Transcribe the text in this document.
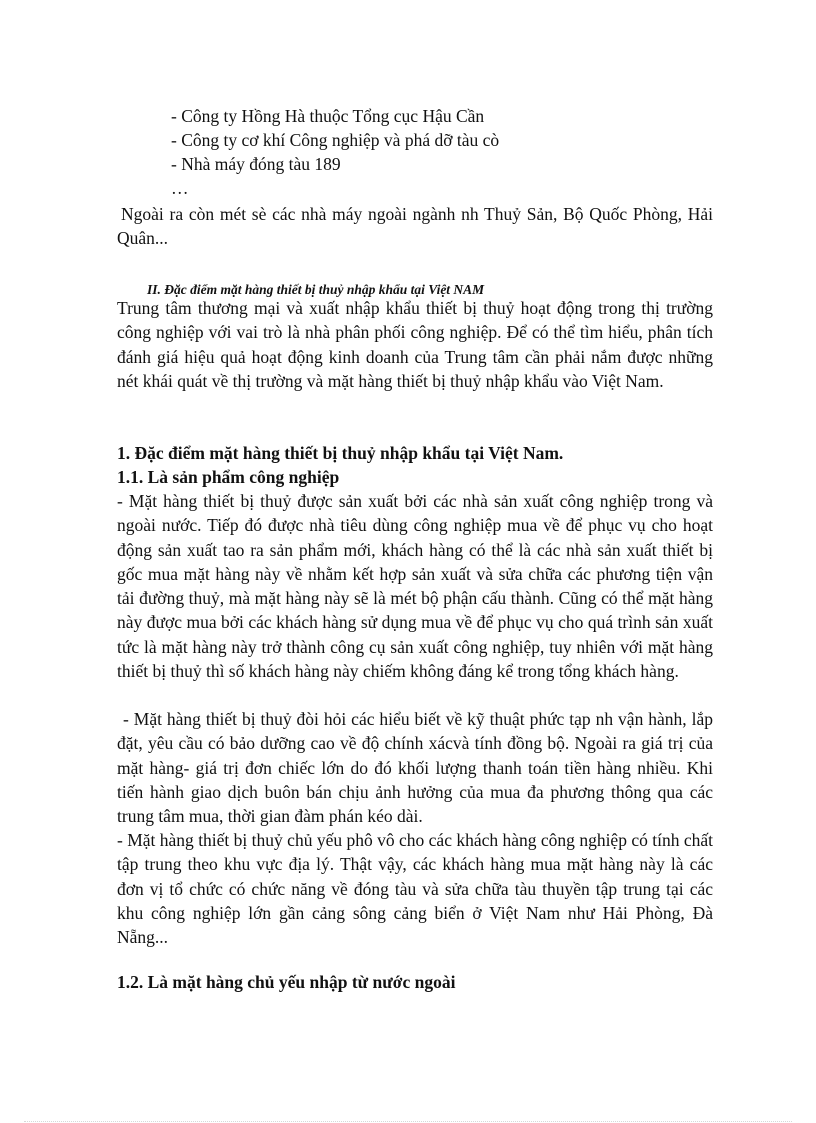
- Công ty Hồng Hà thuộc Tổng cục Hậu Cần
- Công ty cơ khí Công nghiệp và phá dỡ tàu cò
- Nhà máy đóng tàu 189
…
Ngoài ra còn mét sè các nhà máy ngoài ngành nh Thuỷ Sản, Bộ Quốc Phòng, Hải Quân...
II. Đặc điểm mặt hàng thiết bị thuỷ nhập khẩu tại Việt NAM
Trung tâm thương mại và xuất nhập khẩu thiết bị thuỷ hoạt động trong thị trường công nghiệp với vai trò là nhà phân phối công nghiệp. Để có thể tìm hiểu, phân tích đánh giá hiệu quả hoạt động kinh doanh của Trung tâm cần phải nắm được những nét khái quát về thị trường và mặt hàng thiết bị thuỷ nhập khẩu vào Việt Nam.
1. Đặc điểm mặt hàng thiết bị thuỷ nhập khẩu tại Việt Nam.
1.1. Là sản phẩm công nghiệp
- Mặt hàng thiết bị thuỷ được sản xuất bởi các nhà sản xuất công nghiệp trong và ngoài nước. Tiếp đó được nhà tiêu dùng công nghiệp mua về để phục vụ cho hoạt động sản xuất tao ra sản phẩm mới, khách hàng có thể là các nhà sản xuất thiết bị gốc mua mặt hàng này về nhằm kết hợp sản xuất và sửa chữa các phương tiện vận tải đường thuỷ, mà mặt hàng này sẽ là mét bộ phận cấu thành. Cũng có thể mặt hàng này được mua bởi các khách hàng sử dụng mua về để phục vụ cho quá trình sản xuất tức là mặt hàng này trở thành công cụ sản xuất công nghiệp, tuy nhiên với mặt hàng thiết bị thuỷ thì số khách hàng này chiếm không đáng kể trong tổng khách hàng.
- Mặt hàng thiết bị thuỷ đòi hỏi các hiểu biết về kỹ thuật phức tạp nh vận hành, lắp đặt, yêu cầu có bảo dưỡng cao về độ chính xácvà tính đồng bộ. Ngoài ra giá trị của mặt hàng- giá trị đơn chiếc lớn do đó khối lượng thanh toán tiền hàng nhiều. Khi tiến hành giao dịch buôn bán chịu ảnh hưởng của mua đa phương thông qua các trung tâm mua, thời gian đàm phán kéo dài.
- Mặt hàng thiết bị thuỷ chủ yếu phô vô cho các khách hàng công nghiệp có tính chất tập trung theo khu vực địa lý. Thật vậy, các khách hàng mua mặt hàng này là các đơn vị tổ chức có chức năng về đóng tàu và sửa chữa tàu thuyền tập trung tại các khu công nghiệp lớn gần cảng sông cảng biển ở Việt Nam như Hải Phòng, Đà Nẵng...
1.2. Là mặt hàng chủ yếu nhập từ nước ngoài
